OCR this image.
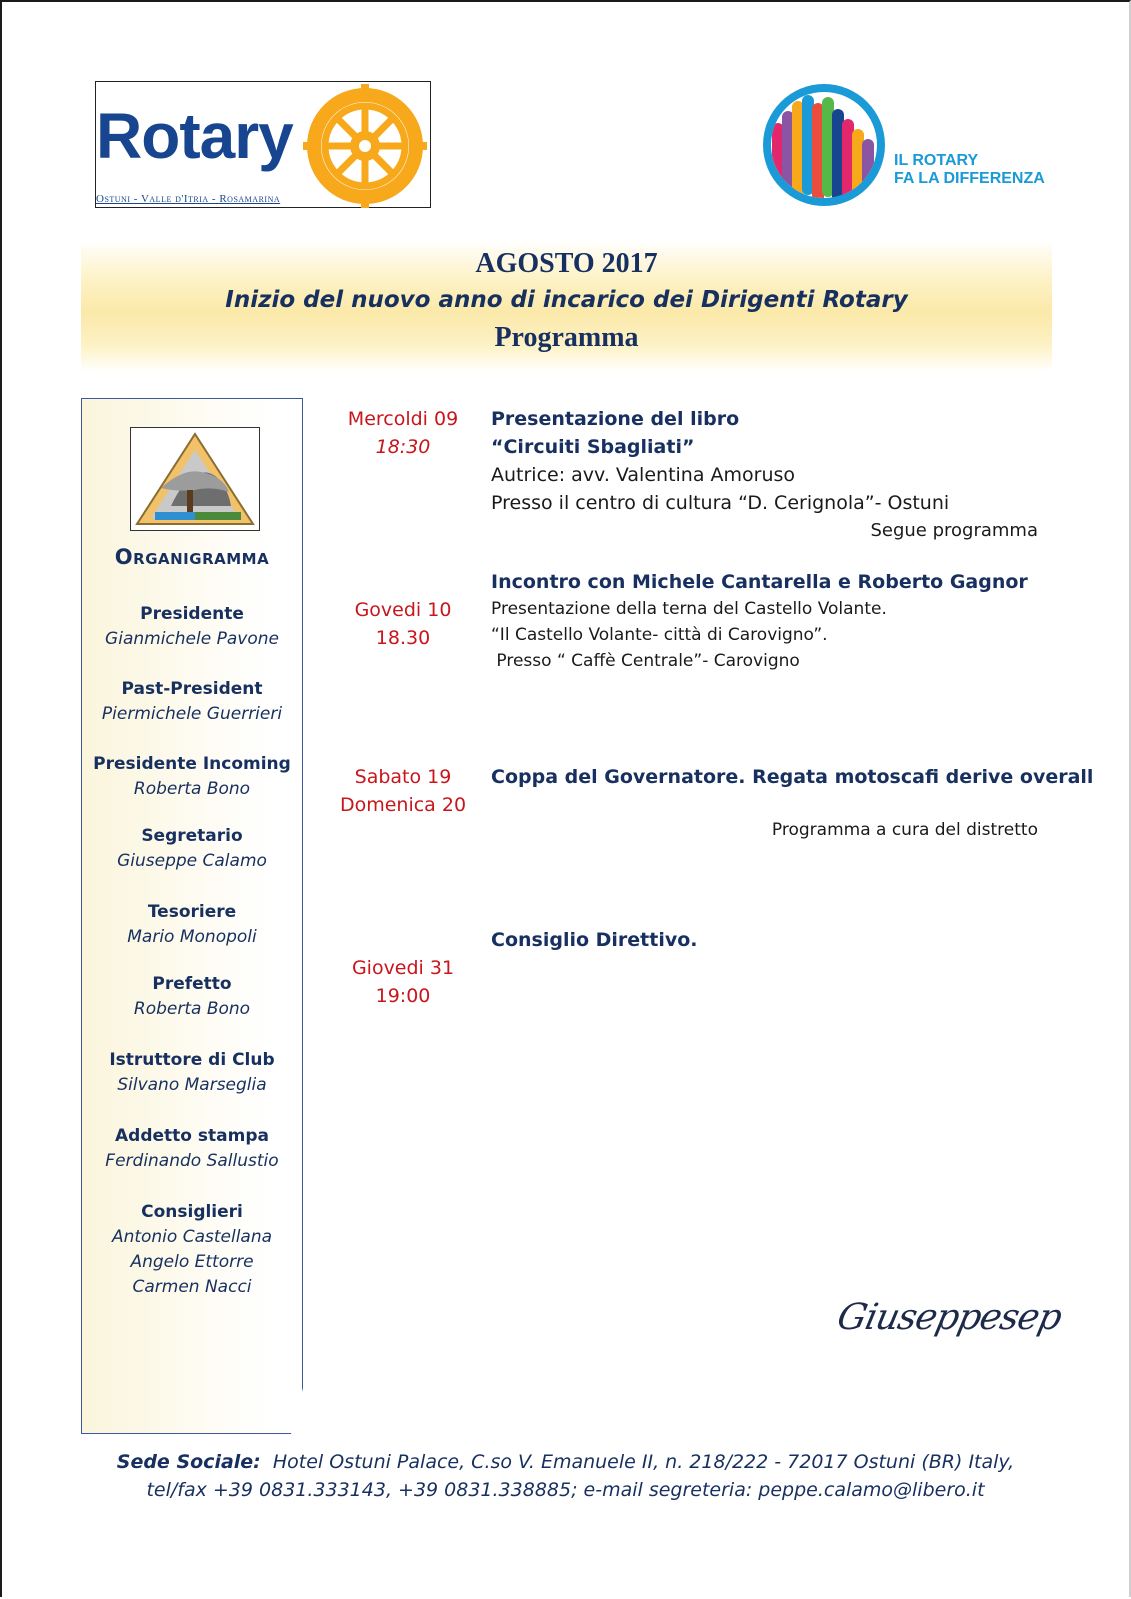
Rotary
Ostuni - Valle d'Itria - Rosamarina
IL ROTARY
FA LA DIFFERENZA
AGOSTO 2017
Inizio del nuovo anno di incarico dei Dirigenti Rotary
Programma
Organigramma
Presidente
Gianmichele Pavone
Past-President
Piermichele Guerrieri
Presidente Incoming
Roberta Bono
Segretario
Giuseppe Calamo
Tesoriere
Mario Monopoli
Prefetto
Roberta Bono
Istruttore di Club
Silvano Marseglia
Addetto stampa
Ferdinando Sallustio
Consiglieri
Antonio Castellana
Angelo Ettorre
Carmen Nacci
Mercoldi 09
18:30
Presentazione del libro
“Circuiti Sbagliati”
Autrice: avv. Valentina Amoruso
Presso il centro di cultura “D. Cerignola”- Ostuni
Segue programma
Govedi 10
18.30
Incontro con Michele Cantarella e Roberto Gagnor
Presentazione della terna del Castello Volante.
“Il Castello Volante- città di Carovigno”.
Presso “ Caffè Centrale”- Carovigno
Sabato 19
Domenica 20
Coppa del Governatore. Regata motoscafi derive overall
Programma a cura del distretto
Giovedi 31
19:00
Consiglio Direttivo.
Giuseppesep
Sede Sociale:  Hotel Ostuni Palace, C.so V. Emanuele II, n. 218/222 - 72017 Ostuni (BR) Italy,
tel/fax +39 0831.333143, +39 0831.338885; e-mail segreteria: peppe.calamo@libero.it
